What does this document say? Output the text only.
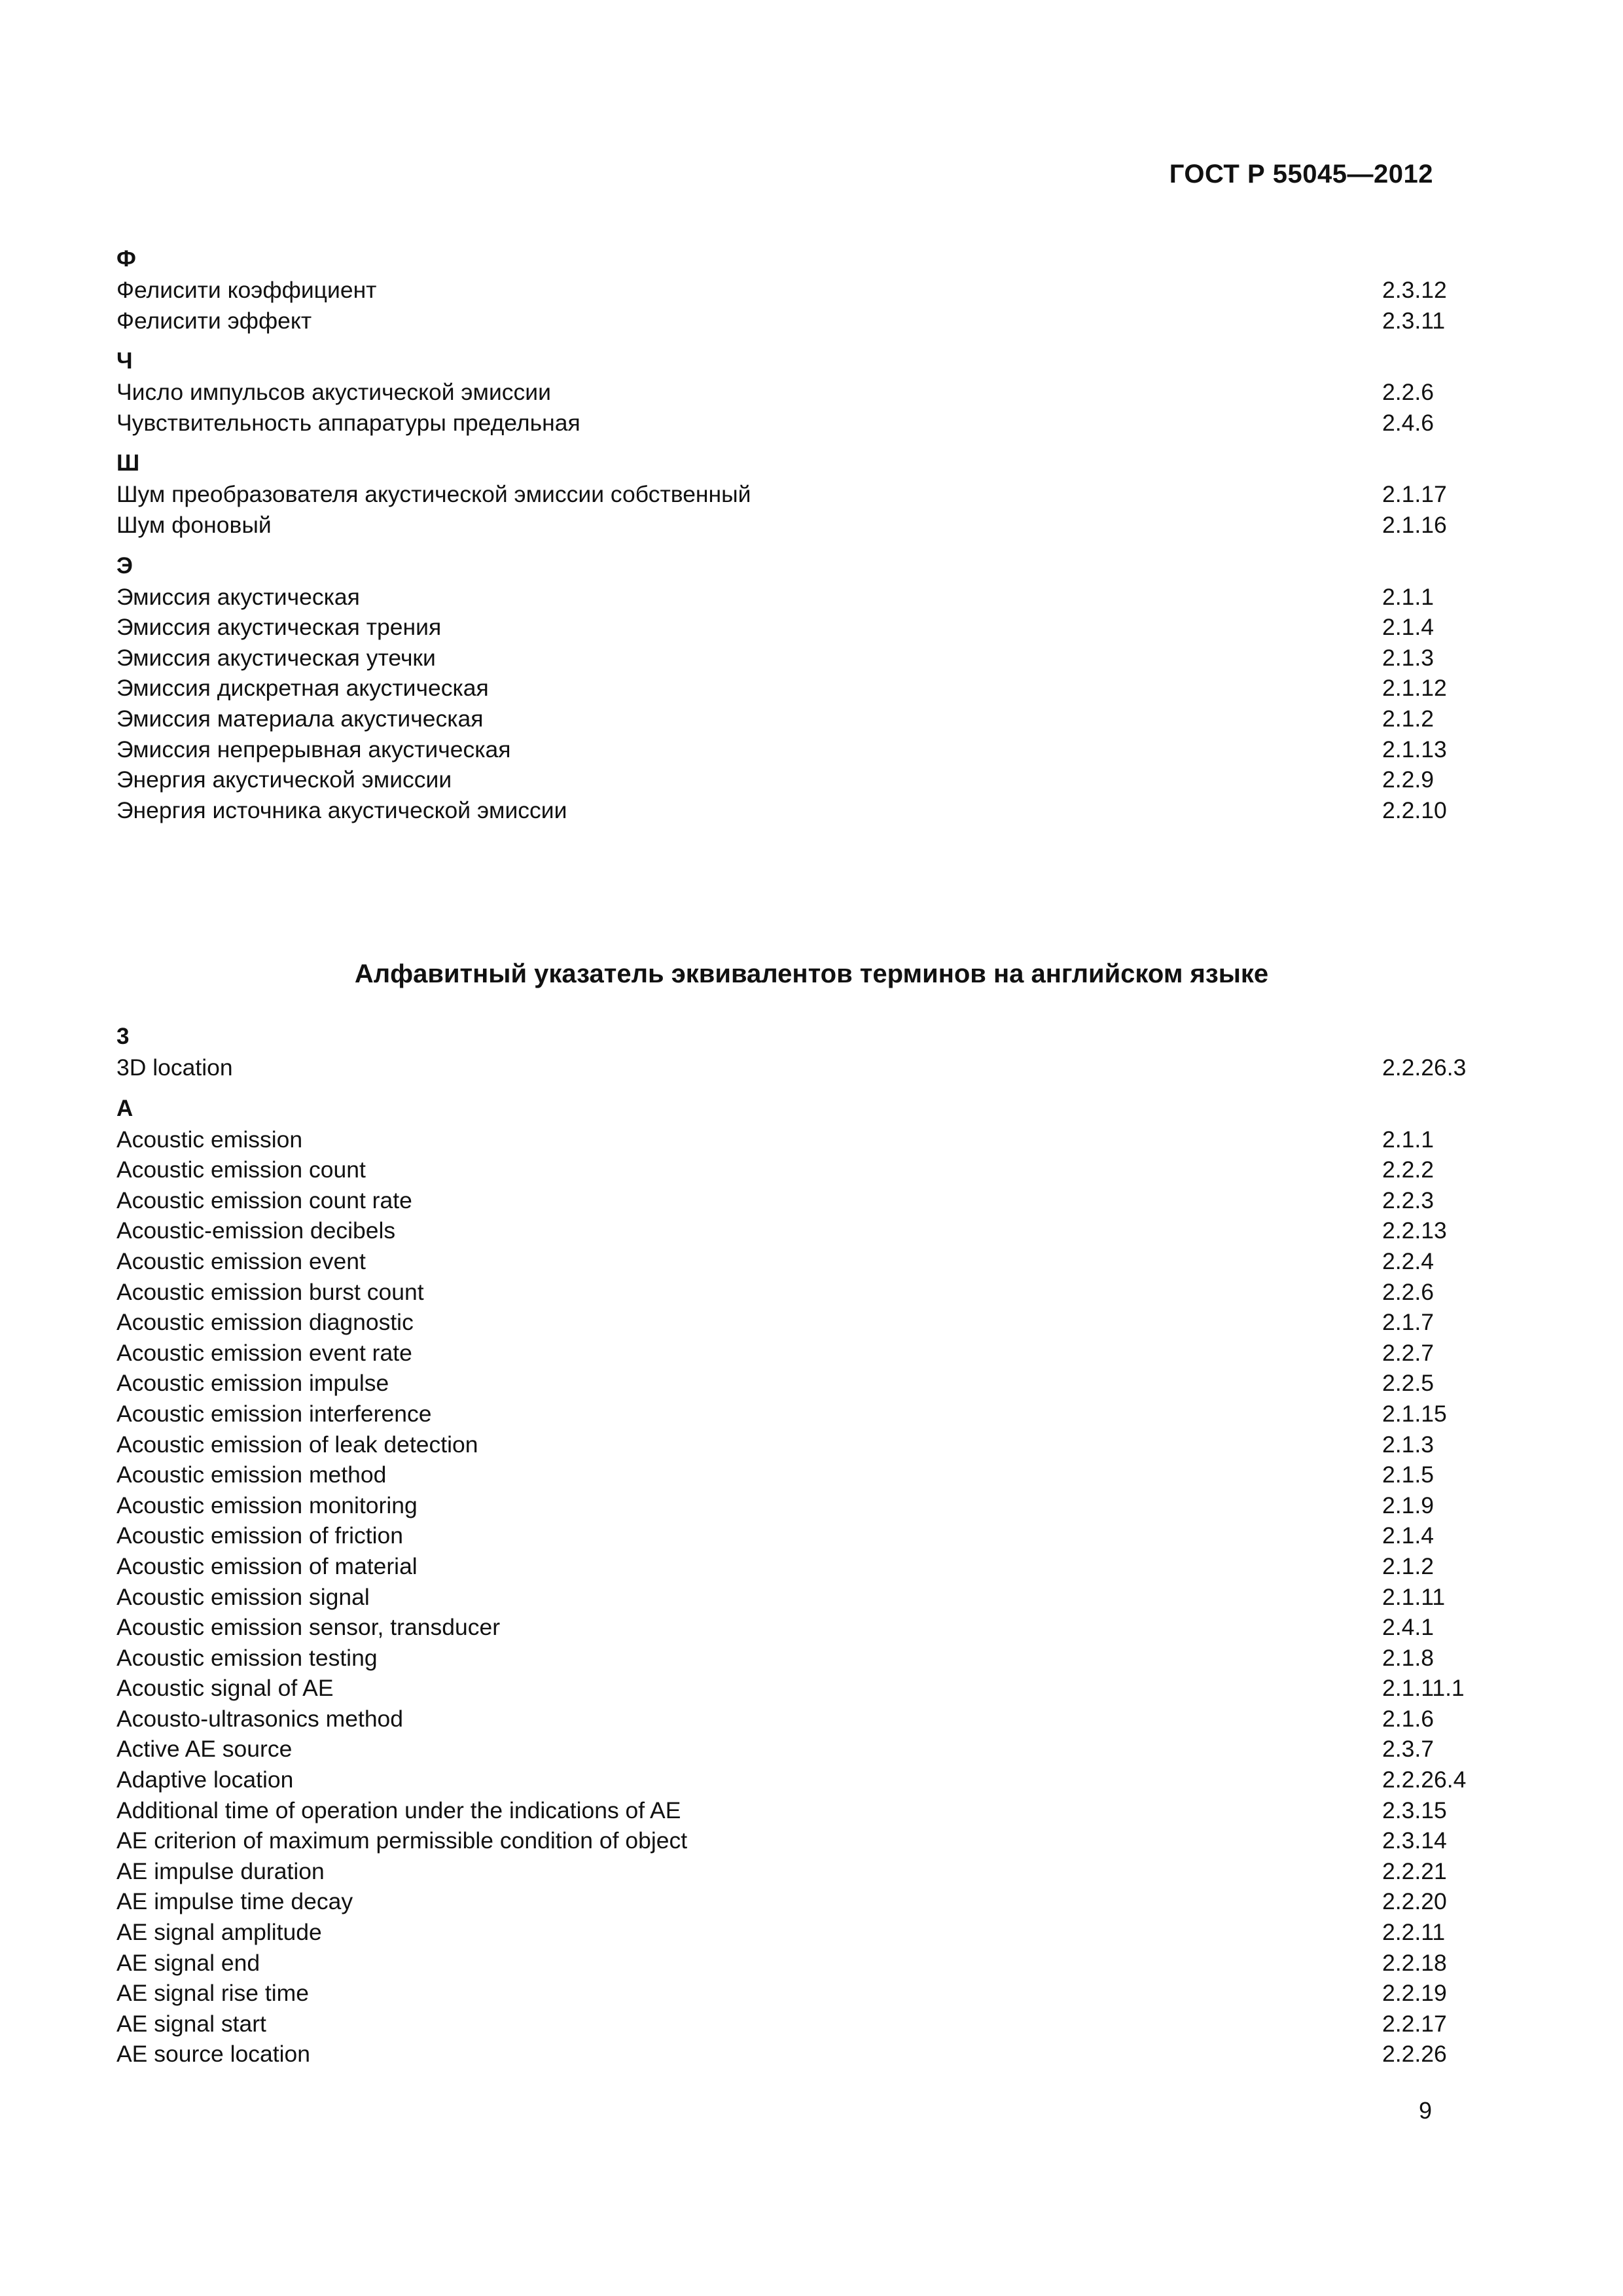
ГОСТ Р 55045—2012
Ф
Фелисити коэффициент	2.3.12
Фелисити эффект	2.3.11
Ч
Число импульсов акустической эмиссии	2.2.6
Чувствительность аппаратуры предельная	2.4.6
Ш
Шум преобразователя акустической эмиссии собственный	2.1.17
Шум фоновый	2.1.16
Э
Эмиссия акустическая	2.1.1
Эмиссия акустическая трения	2.1.4
Эмиссия акустическая утечки	2.1.3
Эмиссия дискретная акустическая	2.1.12
Эмиссия материала акустическая	2.1.2
Эмиссия непрерывная акустическая	2.1.13
Энергия акустической эмиссии	2.2.9
Энергия источника акустической эмиссии	2.2.10
Алфавитный указатель эквивалентов терминов на английском языке
3
3D location	2.2.26.3
A
Acoustic emission	2.1.1
Acoustic emission count	2.2.2
Acoustic emission count rate	2.2.3
Acoustic-emission decibels	2.2.13
Acoustic emission event	2.2.4
Acoustic emission burst count	2.2.6
Acoustic emission diagnostic	2.1.7
Acoustic emission event rate	2.2.7
Acoustic emission impulse	2.2.5
Acoustic emission interference	2.1.15
Acoustic emission of leak detection	2.1.3
Acoustic emission method	2.1.5
Acoustic emission monitoring	2.1.9
Acoustic emission of friction	2.1.4
Acoustic emission of material	2.1.2
Acoustic emission signal	2.1.11
Acoustic emission sensor, transducer	2.4.1
Acoustic emission testing	2.1.8
Acoustic signal of AE	2.1.11.1
Acousto-ultrasonics method	2.1.6
Active AE source	2.3.7
Adaptive location	2.2.26.4
Additional time of operation under the indications of AE	2.3.15
AE criterion of maximum permissible condition of object	2.3.14
AE impulse duration	2.2.21
AE impulse time decay	2.2.20
AE signal amplitude	2.2.11
AE signal end	2.2.18
AE signal rise time	2.2.19
AE signal start	2.2.17
AE source location	2.2.26
9
